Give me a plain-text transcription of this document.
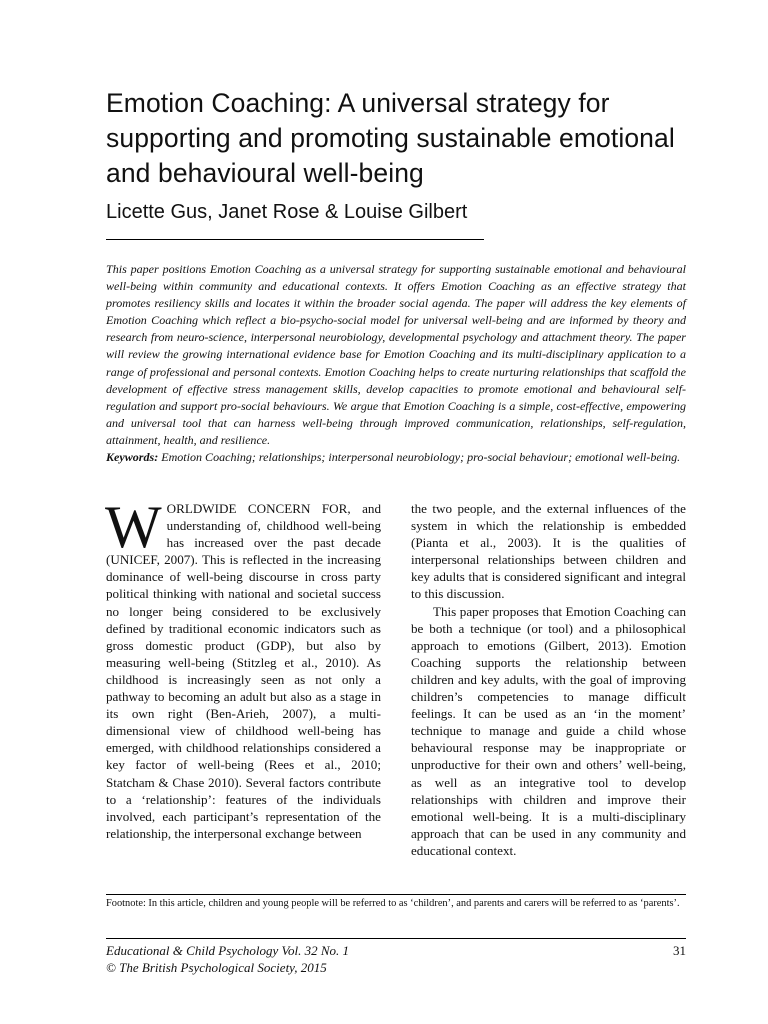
Emotion Coaching: A universal strategy for supporting and promoting sustainable emotional and behavioural well-being
Licette Gus, Janet Rose & Louise Gilbert
This paper positions Emotion Coaching as a universal strategy for supporting sustainable emotional and behavioural well-being within community and educational contexts. It offers Emotion Coaching as an effective strategy that promotes resiliency skills and locates it within the broader social agenda. The paper will address the key elements of Emotion Coaching which reflect a bio-psycho-social model for universal well-being and are informed by theory and research from neuro-science, interpersonal neurobiology, developmental psychology and attachment theory. The paper will review the growing international evidence base for Emotion Coaching and its multi-disciplinary application to a range of professional and personal contexts. Emotion Coaching helps to create nurturing relationships that scaffold the development of effective stress management skills, develop capacities to promote emotional and behavioural self-regulation and support pro-social behaviours. We argue that Emotion Coaching is a simple, cost-effective, empowering and universal tool that can harness well-being through improved communication, relationships, self-regulation, attainment, health, and resilience.
Keywords: Emotion Coaching; relationships; interpersonal neurobiology; pro-social behaviour; emotional well-being.

WORLDWIDE CONCERN FOR, and understanding of, childhood well-being has increased over the past decade (UNICEF, 2007). This is reflected in the increasing dominance of well-being discourse in cross party political thinking with national and societal success no longer being considered to be exclusively defined by traditional economic indicators such as gross domestic product (GDP), but also by measuring well-being (Stitzleg et al., 2010). As childhood is increasingly seen as not only a pathway to becoming an adult but also as a stage in its own right (Ben-Arieh, 2007), a multi-dimensional view of childhood well-being has emerged, with childhood relationships considered a key factor of well-being (Rees et al., 2010; Statcham & Chase 2010). Several factors contribute to a ‘relationship’: features of the individuals involved, each participant’s representation of the relationship, the interpersonal exchange between

the two people, and the external influences of the system in which the relationship is embedded (Pianta et al., 2003). It is the qualities of interpersonal relationships between children and key adults that is considered significant and integral to this discussion.

This paper proposes that Emotion Coaching can be both a technique (or tool) and a philosophical approach to emotions (Gilbert, 2013). Emotion Coaching supports the relationship between children and key adults, with the goal of improving children’s competencies to manage difficult feelings. It can be used as an ‘in the moment’ technique to manage and guide a child whose behavioural response may be inappropriate or unproductive for their own and others’ well-being, as well as an integrative tool to develop relationships with children and improve their emotional well-being. It is a multi-disciplinary approach that can be used in any community and educational context.

Footnote: In this article, children and young people will be referred to as ‘children’, and parents and carers will be referred to as ‘parents’.
Educational & Child Psychology Vol. 32 No. 1
© The British Psychological Society, 2015
31
